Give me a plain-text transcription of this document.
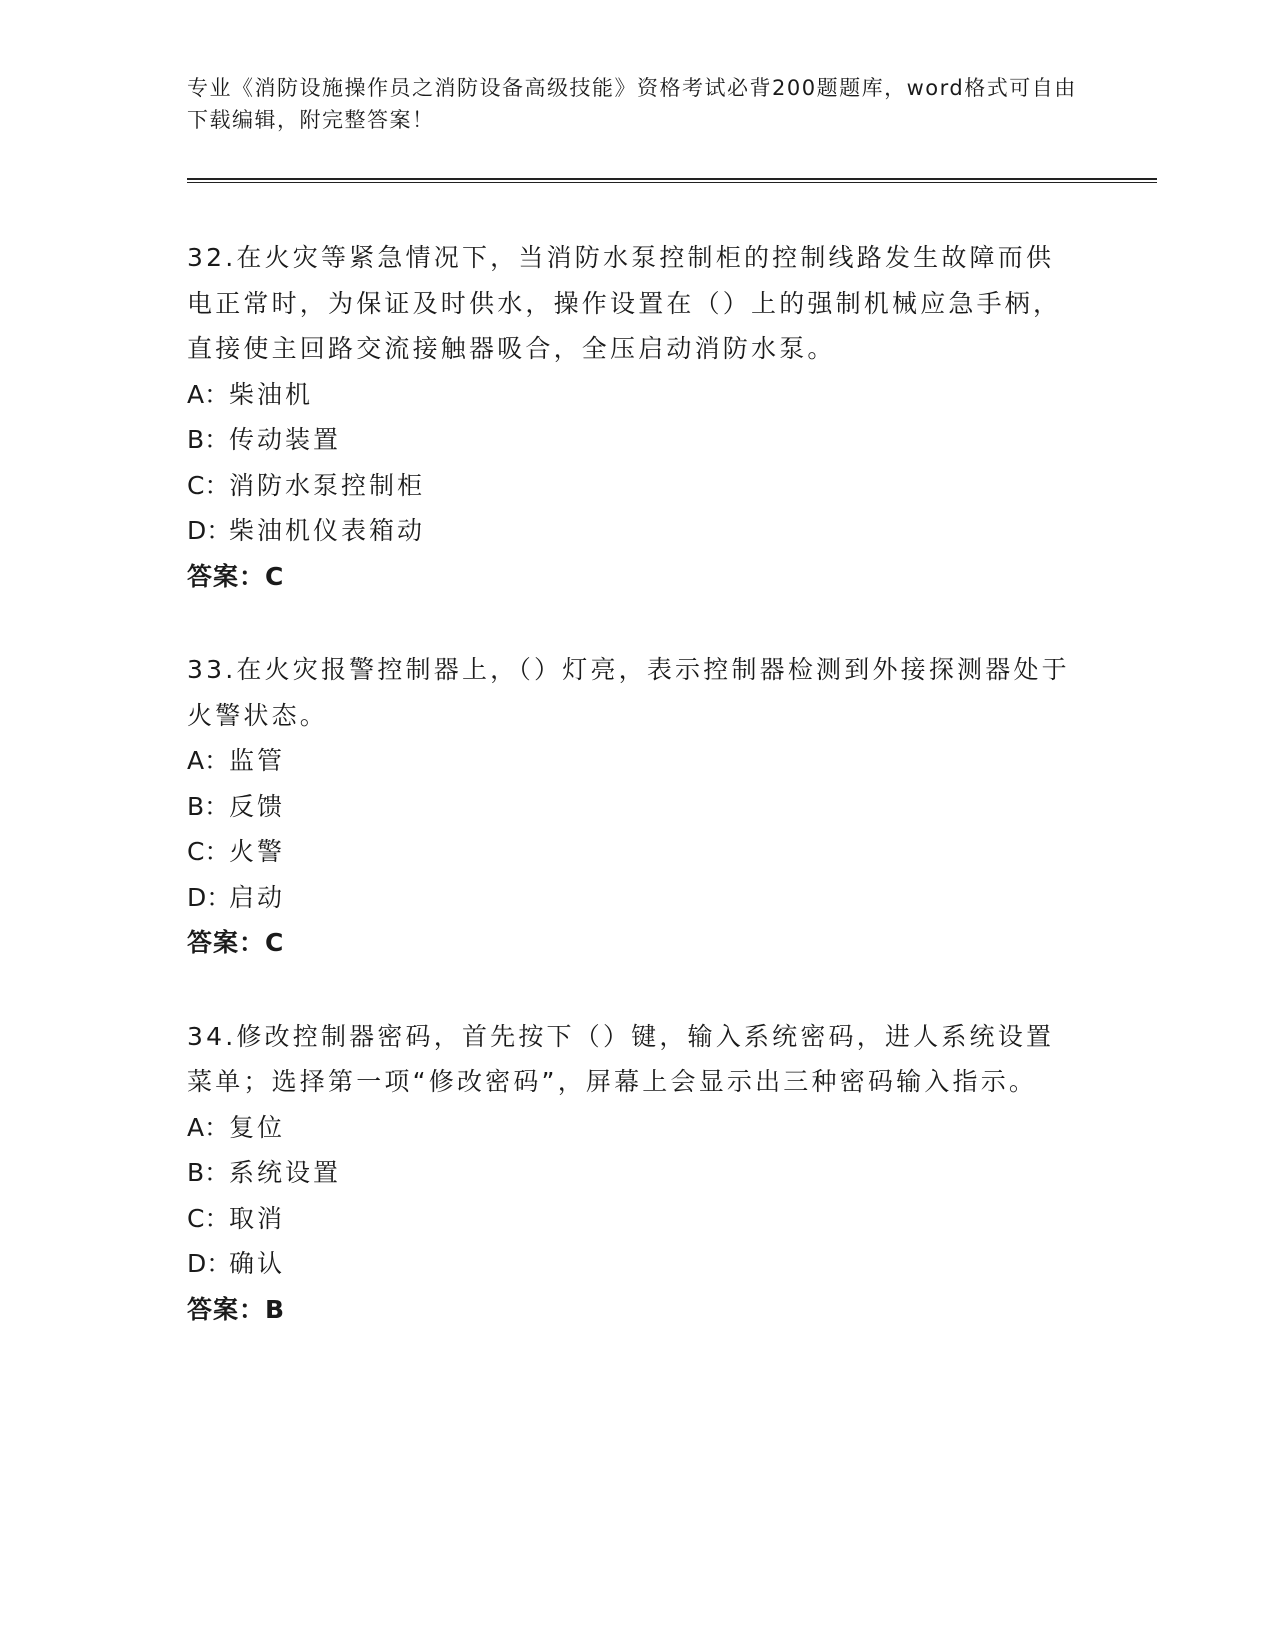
专业《消防设施操作员之消防设备高级技能》资格考试必背200题题库，word格式可自由下载编辑，附完整答案！

32.在火灾等紧急情况下，当消防水泵控制柜的控制线路发生故障而供电正常时，为保证及时供水，操作设置在（）上的强制机械应急手柄，直接使主回路交流接触器吸合，全压启动消防水泵。

A：柴油机

B：传动装置

C：消防水泵控制柜

D：柴油机仪表箱动

答案：C

33.在火灾报警控制器上，（）灯亮，表示控制器检测到外接探测器处于火警状态。

A：监管

B：反馈

C：火警

D：启动

答案：C

34.修改控制器密码，首先按下（）键，输入系统密码，进人系统设置菜单；选择第一项“修改密码”，屏幕上会显示出三种密码输入指示。

A：复位

B：系统设置

C：取消

D：确认

答案：B
